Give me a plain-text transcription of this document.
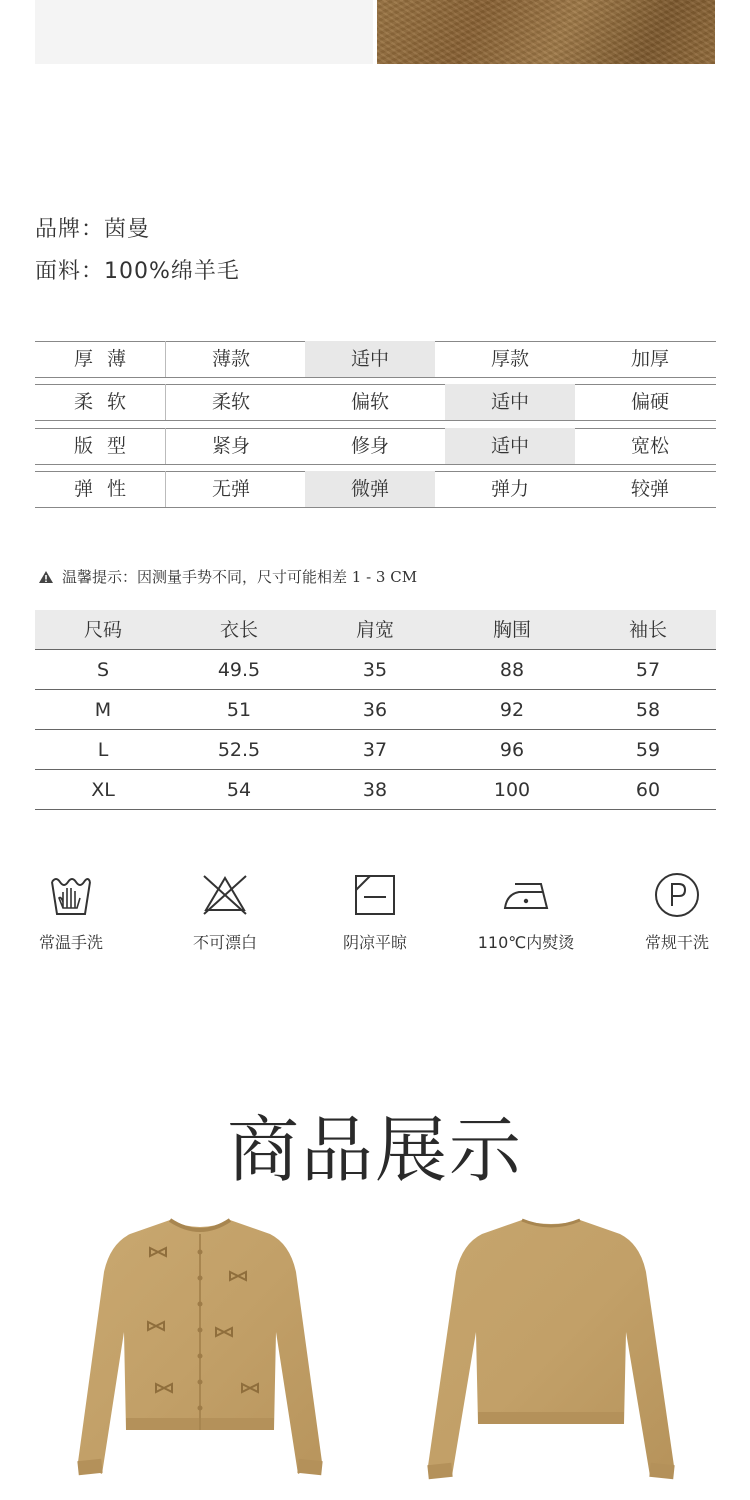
品牌：茵曼
面料：100%绵羊毛
厚薄	薄款	适中	厚款	加厚
柔软	柔软	偏软	适中	偏硬
版型	紧身	修身	适中	宽松
弹性	无弹	微弹	弹力	较弹
温馨提示：因测量手势不同，尺寸可能相差 1 - 3 CM
尺码	衣长	肩宽	胸围	袖长
S	49.5	35	88	57
M	51	36	92	58
L	52.5	37	96	59
XL	54	38	100	60
常温手洗	不可漂白	阴凉平晾	110℃内熨烫	常规干洗
商品展示
